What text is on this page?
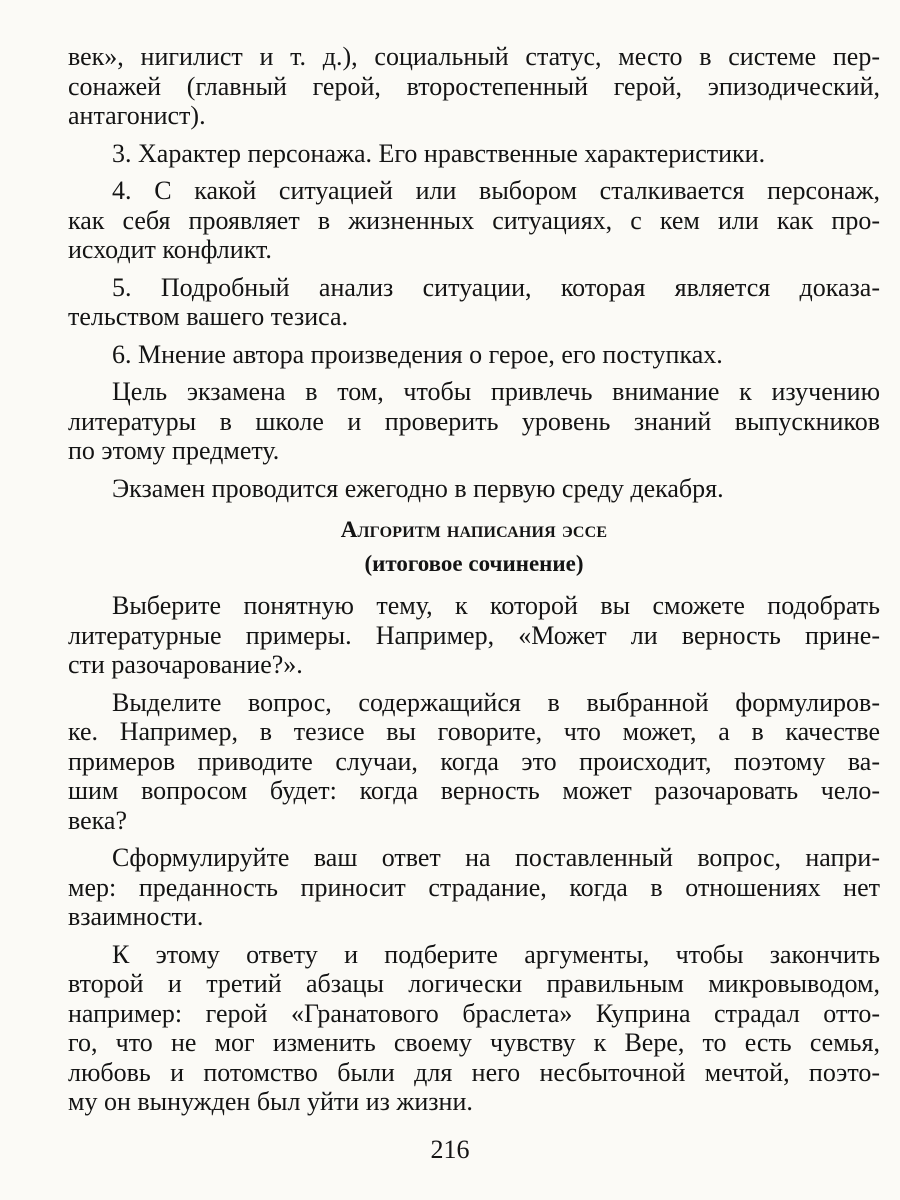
век», нигилист и т. д.), социальный статус, место в системе пер-
сонажей (главный герой, второстепенный герой, эпизодический,
антагонист).
3. Характер персонажа. Его нравственные характеристики.
4. С какой ситуацией или выбором сталкивается персонаж,
как себя проявляет в жизненных ситуациях, с кем или как про-
исходит конфликт.
5. Подробный анализ ситуации, которая является доказа-
тельством вашего тезиса.
6. Мнение автора произведения о герое, его поступках.
Цель экзамена в том, чтобы привлечь внимание к изучению
литературы в школе и проверить уровень знаний выпускников
по этому предмету.
Экзамен проводится ежегодно в первую среду декабря.
Алгоритм написания эссе
(итоговое сочинение)
Выберите понятную тему, к которой вы сможете подобрать
литературные примеры. Например, «Может ли верность прине-
сти разочарование?».
Выделите вопрос, содержащийся в выбранной формулиров-
ке. Например, в тезисе вы говорите, что может, а в качестве
примеров приводите случаи, когда это происходит, поэтому ва-
шим вопросом будет: когда верность может разочаровать чело-
века?
Сформулируйте ваш ответ на поставленный вопрос, напри-
мер: преданность приносит страдание, когда в отношениях нет
взаимности.
К этому ответу и подберите аргументы, чтобы закончить
второй и третий абзацы логически правильным микровыводом,
например: герой «Гранатового браслета» Куприна страдал отто-
го, что не мог изменить своему чувству к Вере, то есть семья,
любовь и потомство были для него несбыточной мечтой, поэто-
му он вынужден был уйти из жизни.
216
